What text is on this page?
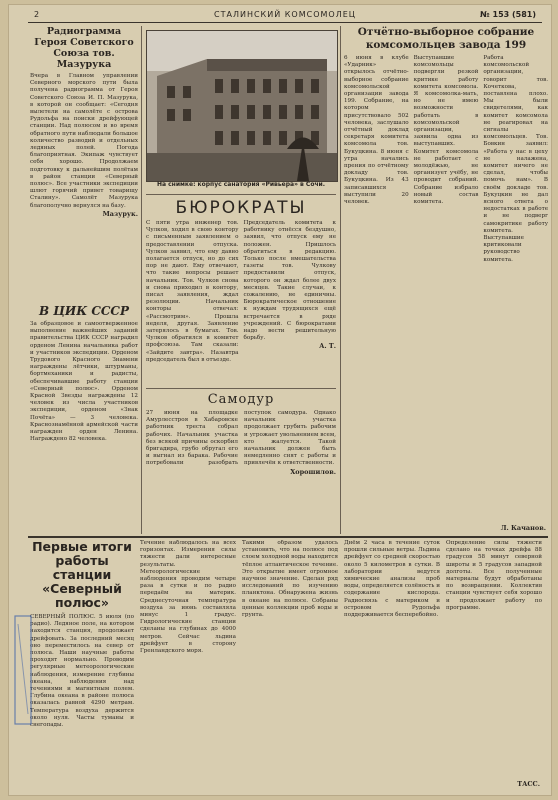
2	СТАЛИНСКИЙ КОМСОМОЛЕЦ	№ 153 (581)
Радиограмма Героя Советского Союза тов. Мазурука

Вчера в Главном управлении Северного морского пути была получена радиограмма от Героя Советского Союза И. П. Мазурука, в которой он сообщает: «Сегодня вылетели на самолёте с острова Рудольфа на поиски дрейфующей станции. Над полюсом и во время обратного пути наблюдали большое количество разводий и отдельных ледяных полей. Погода благоприятная. Экипаж чувствует себя хорошо. Продолжаем подготовку к дальнейшим полётам в район станции «Северный полюс». Все участники экспедиции шлют горячий привет товарищу Сталину». Самолёт Мазурука благополучно вернулся на базу.

Мазурук.
В ЦИК СССР

За образцовое и самоотверженное выполнение важнейших заданий правительства ЦИК СССР наградил орденом Ленина начальника работ и участников экспедиции. Орденом Трудового Красного Знамени награждены лётчики, штурманы, бортмеханики и радисты, обеспечивавшие работу станции «Северный полюс». Орденом Красной Звезды награждены 12 человек из числа участников экспедиции, орденом «Знак Почёта» — 3 человека. Краснознамённой армейской части награжден орден Ленина. Награждено 82 человека.

На снимке: корпус санатория «Ривьера» в Сочи.
БЮРОКРАТЫ

С пяти утра инженер тов. Чулков, ходил в свою контору с письменным заявлением о предоставлении отпуска. Чулков заявил, что ему давно полагается отпуск, но до сих пор не дают. Ему отвечают, что такие вопросы решает начальник. Тов. Чулков снова и снова приходил в контору, писал заявления, ждал резолюции. Начальник конторы отвечал: «Рассмотрим». Прошла неделя, другая. Заявление затерялось в бумагах. Тов. Чулков обратился в комитет профсоюза. Там сказали: «Зайдите завтра». Назавтра председатель был в отъезде.

Председатель комитета к работнику отнёсся бездушно, заявил, что отпуск ему не положен. Пришлось обратиться в редакцию. Только после вмешательства газеты тов. Чулкову предоставили отпуск, которого он ждал более двух месяцев. Такие случаи, к сожалению, не единичны. Бюрократическое отношение к нуждам трудящихся ещё встречается в ряде учреждений. С бюрократами надо вести решительную борьбу.

А. Т.
Самодур

27 июня на площадке Амурлесстроя в Хабаровске работник треста собрал рабочих. Начальник участка без всякой причины оскорбил бригадира, грубо обругал его и выгнал из барака. Рабочие потребовали разобрать поступок самодура. Однако начальник участка продолжает грубить рабочим и угрожает увольнением всем, кто жалуется. Такой начальник должен быть немедленно снят с работы и привлечён к ответственности.

Хорошилов.
Отчётно-выборное собрание комсомольцев завода 199

6 июня в клубе «Ударник» открылось отчётно-выборное собрание комсомольской организации завода 199. Собрание, на котором присутствовало 502 человека, заслушало отчётный доклад секретаря комитета комсомола тов. Букуцкина. 8 июня с утра начались прения по отчётному докладу тов. Букуцкина. Из 43 записавшихся выступили 20 человек.

Выступавшие комсомольцы подвергли резкой критике работу комитета комсомола. Я комсомолка-мать, но не имею возможности работать в комсомольской организации, заявила одна из выступавших. Комитет комсомола не работает с молодёжью, не организует учёбу, не проводит собраний. Собрание избрало новый состав комитета.

Работа комсомольской организации, говорит тов. Кочеткова, поставлена плохо. Мы были свидетелями, как комитет комсомола не реагировал на сигналы комсомольцев. Тов. Бовкин заявил: «Работа у нас в цеху не налажена, комитет ничего не сделал, чтобы помочь нам». В своём докладе тов. Букуцкин не дал ясного ответа о недостатках в работе и не подверг самокритике работу комитета. Выступавшие критиковали руководство комитета.

Л. Качанов.
Первые итоги работы станции «Северный полюс»

СЕВЕРНЫЙ ПОЛЮС. 5 июля (по радио). Ледяное поле, на котором находится станция, продолжает дрейфовать. За последний месяц оно переместилось на север от полюса. Наши научные работы проходят нормально. Проводим регулярные метеорологические наблюдения, измерение глубины океана, наблюдения над течениями и магнитным полем. Глубина океана в районе полюса оказалась равной 4290 метрам. Температура воздуха держится около нуля. Часты туманы и снегопады.

Течение наблюдалось на всех горизонтах. Измерения силы тяжести дали интересные результаты. Метеорологические наблюдения проводим четыре раза в сутки и по радио передаём на материк. Среднесуточная температура воздуха за июнь составляла минус 1 градус. Гидрологические станции сделаны на глубинах до 4000 метров. Сейчас льдина дрейфует в сторону Гренландского моря.

Такими образом удалось установить, что на полюсе под слоем холодной воды находится тёплое атлантическое течение. Это открытие имеет огромное научное значение. Сделан ряд исследований по изучению планктона. Обнаружена жизнь в океане на полюсе. Собраны ценные коллекции проб воды и грунта.

Днём 2 часа в течение суток прошли сильные ветры. Льдина дрейфует со средней скоростью около 5 километров в сутки. В лаборатории ведутся химические анализы проб воды, определяется солёность и содержание кислорода. Радиосвязь с материком и островом Рудольфа поддерживается бесперебойно.

Определение силы тяжести сделано на точках дрейфа 88 градусов 58 минут северной широты и 5 градусов западной долготы. Все полученные материалы будут обработаны по возвращении. Коллектив станции чувствует себя хорошо и продолжает работу по программе.

ТАСС.
